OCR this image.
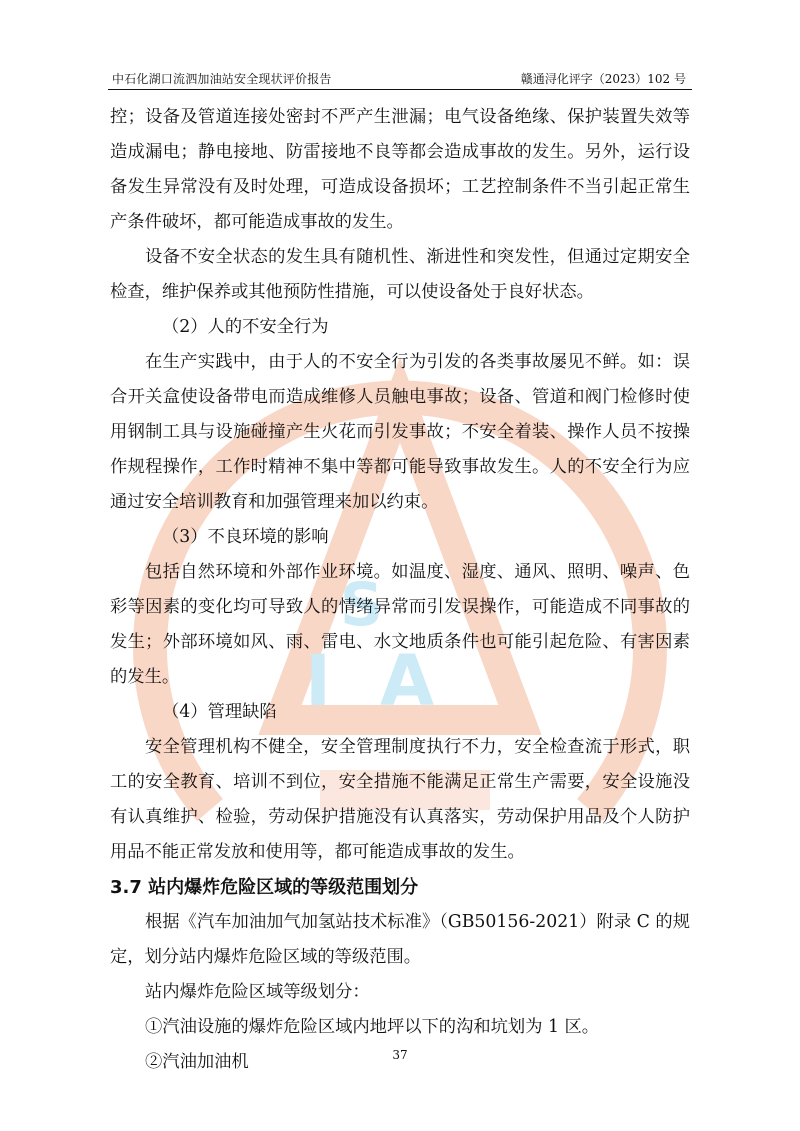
I A
S
中石化湖口流泗加油站安全现状评价报告	赣通浔化评字（2023）102 号

控；设备及管道连接处密封不严产生泄漏；电气设备绝缘、保护装置失效等造成漏电；静电接地、防雷接地不良等都会造成事故的发生。另外，运行设备发生异常没有及时处理，可造成设备损坏；工艺控制条件不当引起正常生产条件破坏，都可能造成事故的发生。

设备不安全状态的发生具有随机性、渐进性和突发性，但通过定期安全检查，维护保养或其他预防性措施，可以使设备处于良好状态。

（2）人的不安全行为

在生产实践中，由于人的不安全行为引发的各类事故屡见不鲜。如：误合开关盒使设备带电而造成维修人员触电事故；设备、管道和阀门检修时使用钢制工具与设施碰撞产生火花而引发事故；不安全着装、操作人员不按操作规程操作，工作时精神不集中等都可能导致事故发生。人的不安全行为应通过安全培训教育和加强管理来加以约束。

（3）不良环境的影响

包括自然环境和外部作业环境。如温度、湿度、通风、照明、噪声、色彩等因素的变化均可导致人的情绪异常而引发误操作，可能造成不同事故的发生；外部环境如风、雨、雷电、水文地质条件也可能引起危险、有害因素的发生。

（4）管理缺陷

安全管理机构不健全，安全管理制度执行不力，安全检查流于形式，职工的安全教育、培训不到位，安全措施不能满足正常生产需要，安全设施没有认真维护、检验，劳动保护措施没有认真落实，劳动保护用品及个人防护用品不能正常发放和使用等，都可能造成事故的发生。

3.7 站内爆炸危险区域的等级范围划分

根据《汽车加油加气加氢站技术标准》（GB50156-2021）附录 C 的规定，划分站内爆炸危险区域的等级范围。

站内爆炸危险区域等级划分：

①汽油设施的爆炸危险区域内地坪以下的沟和坑划为 1 区。

②汽油加油机	37
